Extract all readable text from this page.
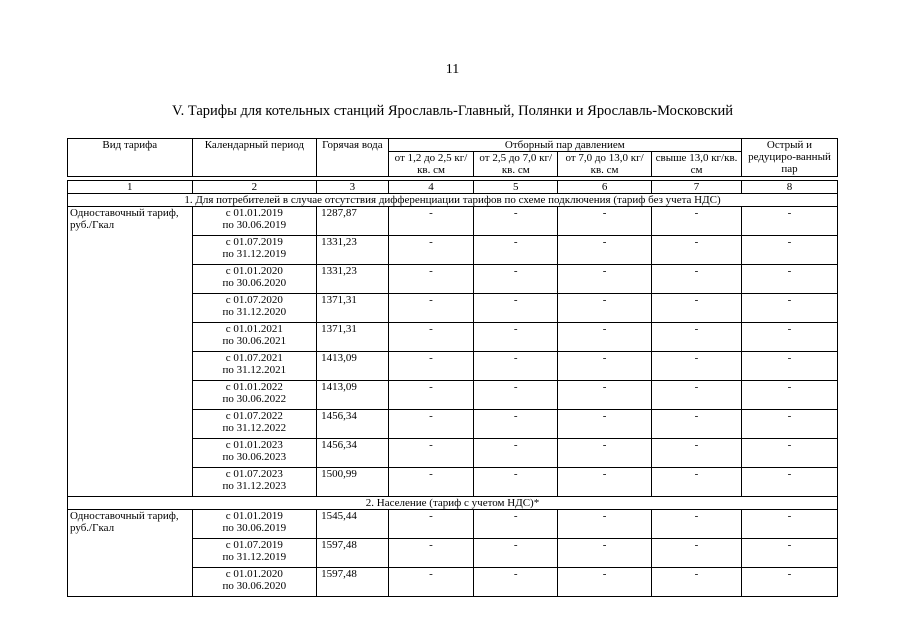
11
V. Тарифы для котельных станций Ярославль-Главный, Полянки и Ярославль-Московский
Вид тарифа	Календарный период	Горячая вода	Отборный пар давлением				Острый и редуциро-ванный пар
			от 1,2 до 2,5 кг/кв. см	от 2,5 до 7,0 кг/кв. см	от 7,0 до 13,0 кг/кв. см	свыше 13,0 кг/кв. см	

1	2	3	4	5	6	7	8
1. Для потребителей в случае отсутствия дифференциации тарифов по схеме подключения (тариф без учета НДС)							
Одноставочный тариф, руб./Гкал	с 01.01.2019
по 30.06.2019	1287,87	-	-	-	-	-

	с 01.07.2019
по 31.12.2019	1331,23	-	-	-	-	-

	с 01.01.2020
по 30.06.2020	1331,23	-	-	-	-	-

	с 01.07.2020
по 31.12.2020	1371,31	-	-	-	-	-

	с 01.01.2021
по 30.06.2021	1371,31	-	-	-	-	-

	с 01.07.2021
по 31.12.2021	1413,09	-	-	-	-	-

	с 01.01.2022
по 30.06.2022	1413,09	-	-	-	-	-

	с 01.07.2022
по 31.12.2022	1456,34	-	-	-	-	-

	с 01.01.2023
по 30.06.2023	1456,34	-	-	-	-	-

	с 01.07.2023
по 31.12.2023	1500,99	-	-	-	-	-
2. Население (тариф с учетом НДС)*							
Одноставочный тариф, руб./Гкал	с 01.01.2019
по 30.06.2019	1545,44	-	-	-	-	-

	с 01.07.2019
по 31.12.2019	1597,48	-	-	-	-	-

	с 01.01.2020
по 30.06.2020	1597,48	-	-	-	-	-
